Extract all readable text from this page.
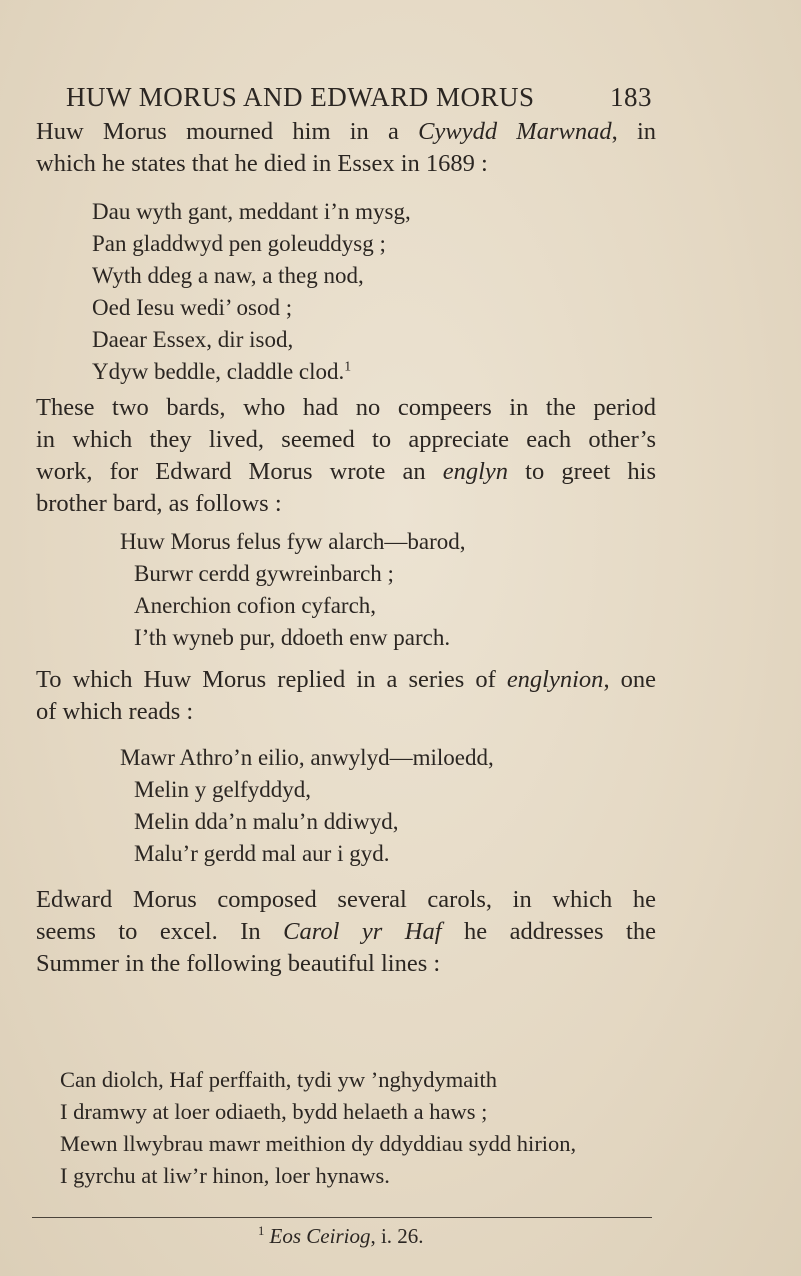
HUW MORUS AND EDWARD MORUS	183

Huw Morus mourned him in a Cywydd Marwnad, in
which he states that he died in Essex in 1689 :

Dau wyth gant, meddant i’n mysg,
Pan gladdwyd pen goleuddysg ;
Wyth ddeg a naw, a theg nod,
Oed Iesu wedi’ osod ;
Daear Essex, dir isod,
Ydyw beddle, claddle clod.$^1$

These two bards, who had no compeers in the period
in which they lived, seemed to appreciate each other’s
work, for Edward Morus wrote an englyn to greet his
brother bard, as follows :

Huw Morus felus fyw alarch—barod,
Burwr cerdd gywreinbarch ;
Anerchion cofion cyfarch,
I’th wyneb pur, ddoeth enw parch.

To which Huw Morus replied in a series of englynion, one
of which reads :

Mawr Athro’n eilio, anwylyd—miloedd,
Melin y gelfyddyd,
Melin dda’n malu’n ddiwyd,
Malu’r gerdd mal aur i gyd.

Edward Morus composed several carols, in which he
seems to excel. In Carol yr Haf he addresses the
Summer in the following beautiful lines :

Can diolch, Haf perffaith, tydi yw ’nghydymaith
I dramwy at loer odiaeth, bydd helaeth a haws ;
Mewn llwybrau mawr meithion dy ddyddiau sydd hirion,
I gyrchu at liw’r hinon, loer hynaws.
$^1$ Eos Ceiriog, i. 26.
